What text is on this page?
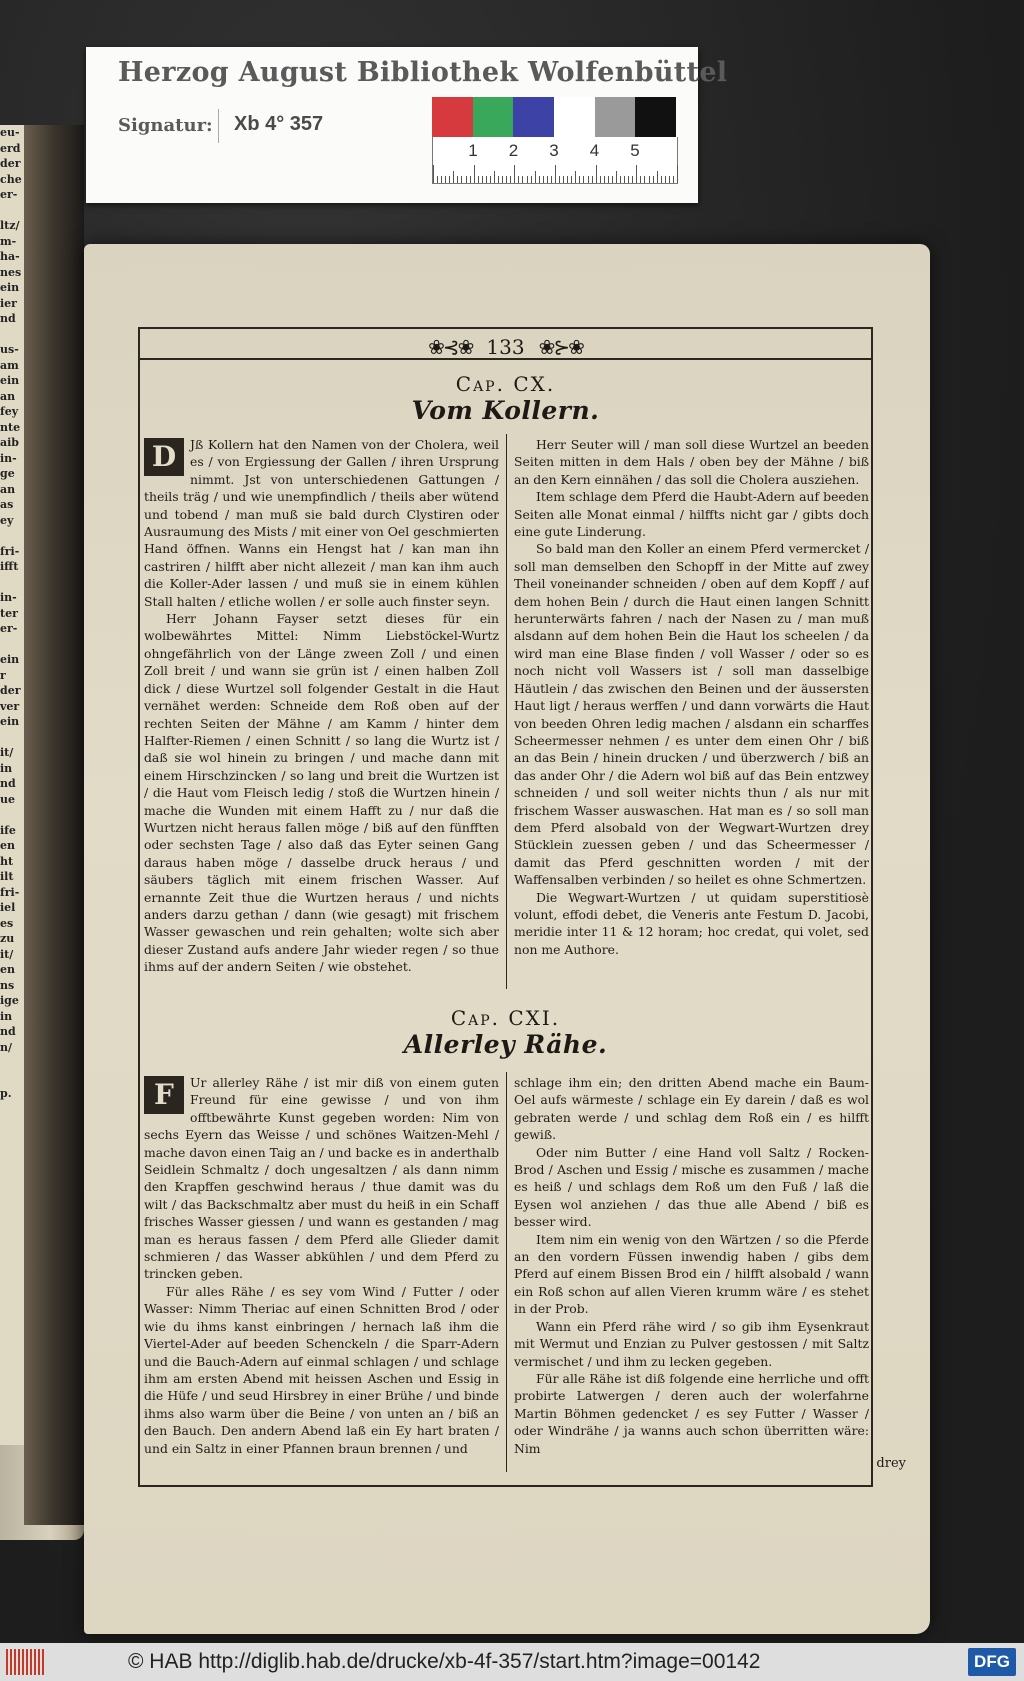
eu-
erd
der
che
er-
ltz/
m-
ha-
nes
ein
ier
nd
us-
am
ein
an
fey
nte
aib
in-
ge
an
as
ey
fri-
ifft
in-
ter
er-
ein
r
der
ver
ein
it/
in
nd
ue
ife
en
ht
ilt
fri-
iel
es
zu
it/
en
ns
ige
in
nd
n/
p.
❀⊰❀ 133 ❀⊱❀
Cap. CX.
Vom Kollern.

D	Jß Kollern hat den Namen von der Cholera, weil es / von Ergiessung der Gallen / ihren Ursprung nimmt. Jst von unterschiedenen Gattungen / theils träg / und wie unempfindlich / theils aber wütend und tobend / man muß sie bald durch Clystiren oder Ausraumung des Mists / mit einer von Oel geschmierten Hand öffnen. Wanns ein Hengst hat / kan man ihn castriren / hilfft aber nicht allezeit / man kan ihm auch die Koller-Ader lassen / und muß sie in einem kühlen Stall halten / etliche wollen / er solle auch finster seyn.

Herr Johann Fayser setzt dieses für ein wolbewährtes Mittel: Nimm Liebstöckel-Wurtz ohngefährlich von der Länge zween Zoll / und einen Zoll breit / und wann sie grün ist / einen halben Zoll dick / diese Wurtzel soll folgender Gestalt in die Haut vernähet werden: Schneide dem Roß oben auf der rechten Seiten der Mähne / am Kamm / hinter dem Halfter-Riemen / einen Schnitt / so lang die Wurtz ist / daß sie wol hinein zu bringen / und mache dann mit einem Hirschzincken / so lang und breit die Wurtzen ist / die Haut vom Fleisch ledig / stoß die Wurtzen hinein / mache die Wunden mit einem Hafft zu / nur daß die Wurtzen nicht heraus fallen möge / biß auf den fünfften oder sechsten Tage / also daß das Eyter seinen Gang daraus haben möge / dasselbe druck heraus / und säubers täglich mit einem frischen Wasser. Auf ernannte Zeit thue die Wurtzen heraus / und nichts anders darzu gethan / dann (wie gesagt) mit frischem Wasser gewaschen und rein gehalten; wolte sich aber dieser Zustand aufs andere Jahr wieder regen / so thue ihms auf der andern Seiten / wie obstehet.

Herr Seuter will / man soll diese Wurtzel an beeden Seiten mitten in dem Hals / oben bey der Mähne / biß an den Kern einnähen / das soll die Cholera ausziehen.

Item schlage dem Pferd die Haubt-Adern auf beeden Seiten alle Monat einmal / hilffts nicht gar / gibts doch eine gute Linderung.

So bald man den Koller an einem Pferd vermercket / soll man demselben den Schopff in der Mitte auf zwey Theil voneinander schneiden / oben auf dem Kopff / auf dem hohen Bein / durch die Haut einen langen Schnitt herunterwärts fahren / nach der Nasen zu / man muß alsdann auf dem hohen Bein die Haut los scheelen / da wird man eine Blase finden / voll Wasser / oder so es noch nicht voll Wassers ist / soll man dasselbige Häutlein / das zwischen den Beinen und der äussersten Haut ligt / heraus werffen / und dann vorwärts die Haut von beeden Ohren ledig machen / alsdann ein scharffes Scheermesser nehmen / es unter dem einen Ohr / biß an das Bein / hinein drucken / und überzwerch / biß an das ander Ohr / die Adern wol biß auf das Bein entzwey schneiden / und soll weiter nichts thun / als nur mit frischem Wasser auswaschen. Hat man es / so soll man dem Pferd alsobald von der Wegwart-Wurtzen drey Stücklein zuessen geben / und das Scheermesser / damit das Pferd geschnitten worden / mit der Waffensalben verbinden / so heilet es ohne Schmertzen.

Die Wegwart-Wurtzen / ut quidam superstitiosè volunt, effodi debet, die Veneris ante Festum D. Jacobi, meridie inter 11 & 12 horam; hoc credat, qui volet, sed non me Authore.

Cap. CXI.
Allerley Rähe.

F	Ur allerley Rähe / ist mir diß von einem guten Freund für eine gewisse / und von ihm offtbewährte Kunst gegeben worden: Nim von sechs Eyern das Weisse / und schönes Waitzen-Mehl / mache davon einen Taig an / und backe es in anderthalb Seidlein Schmaltz / doch ungesaltzen / als dann nimm den Krapffen geschwind heraus / thue damit was du wilt / das Backschmaltz aber must du heiß in ein Schaff frisches Wasser giessen / und wann es gestanden / mag man es heraus fassen / dem Pferd alle Glieder damit schmieren / das Wasser abkühlen / und dem Pferd zu trincken geben.

Für alles Rähe / es sey vom Wind / Futter / oder Wasser: Nimm Theriac auf einen Schnitten Brod / oder wie du ihms kanst einbringen / hernach laß ihm die Viertel-Ader auf beeden Schenckeln / die Sparr-Adern und die Bauch-Adern auf einmal schlagen / und schlage ihm am ersten Abend mit heissen Aschen und Essig in die Hüfe / und seud Hirsbrey in einer Brühe / und binde ihms also warm über die Beine / von unten an / biß an den Bauch. Den andern Abend laß ein Ey hart braten / und ein Saltz in einer Pfannen braun brennen / und

schlage ihm ein; den dritten Abend mache ein Baum-Oel aufs wärmeste / schlage ein Ey darein / daß es wol gebraten werde / und schlag dem Roß ein / es hilfft gewiß.

Oder nim Butter / eine Hand voll Saltz / Rocken-Brod / Aschen und Essig / mische es zusammen / mache es heiß / und schlags dem Roß um den Fuß / laß die Eysen wol anziehen / das thue alle Abend / biß es besser wird.

Item nim ein wenig von den Wärtzen / so die Pferde an den vordern Füssen inwendig haben / gibs dem Pferd auf einem Bissen Brod ein / hilfft alsobald / wann ein Roß schon auf allen Vieren krumm wäre / es stehet in der Prob.

Wann ein Pferd rähe wird / so gib ihm Eysenkraut mit Wermut und Enzian zu Pulver gestossen / mit Saltz vermischet / und ihm zu lecken gegeben.

Für alle Rähe ist diß folgende eine herrliche und offt probirte Latwergen / deren auch der wolerfahrne Martin Böhmen gedencket / es sey Futter / Wasser / oder Windrähe / ja wanns auch schon überritten wäre: Nim

drey
Herzog August Bibliothek Wolfenbüttel
Signatur: Xb 4° 357
1 2 3 4 5
© HAB http://diglib.hab.de/drucke/xb-4f-357/start.htm?image=00142	DFG
